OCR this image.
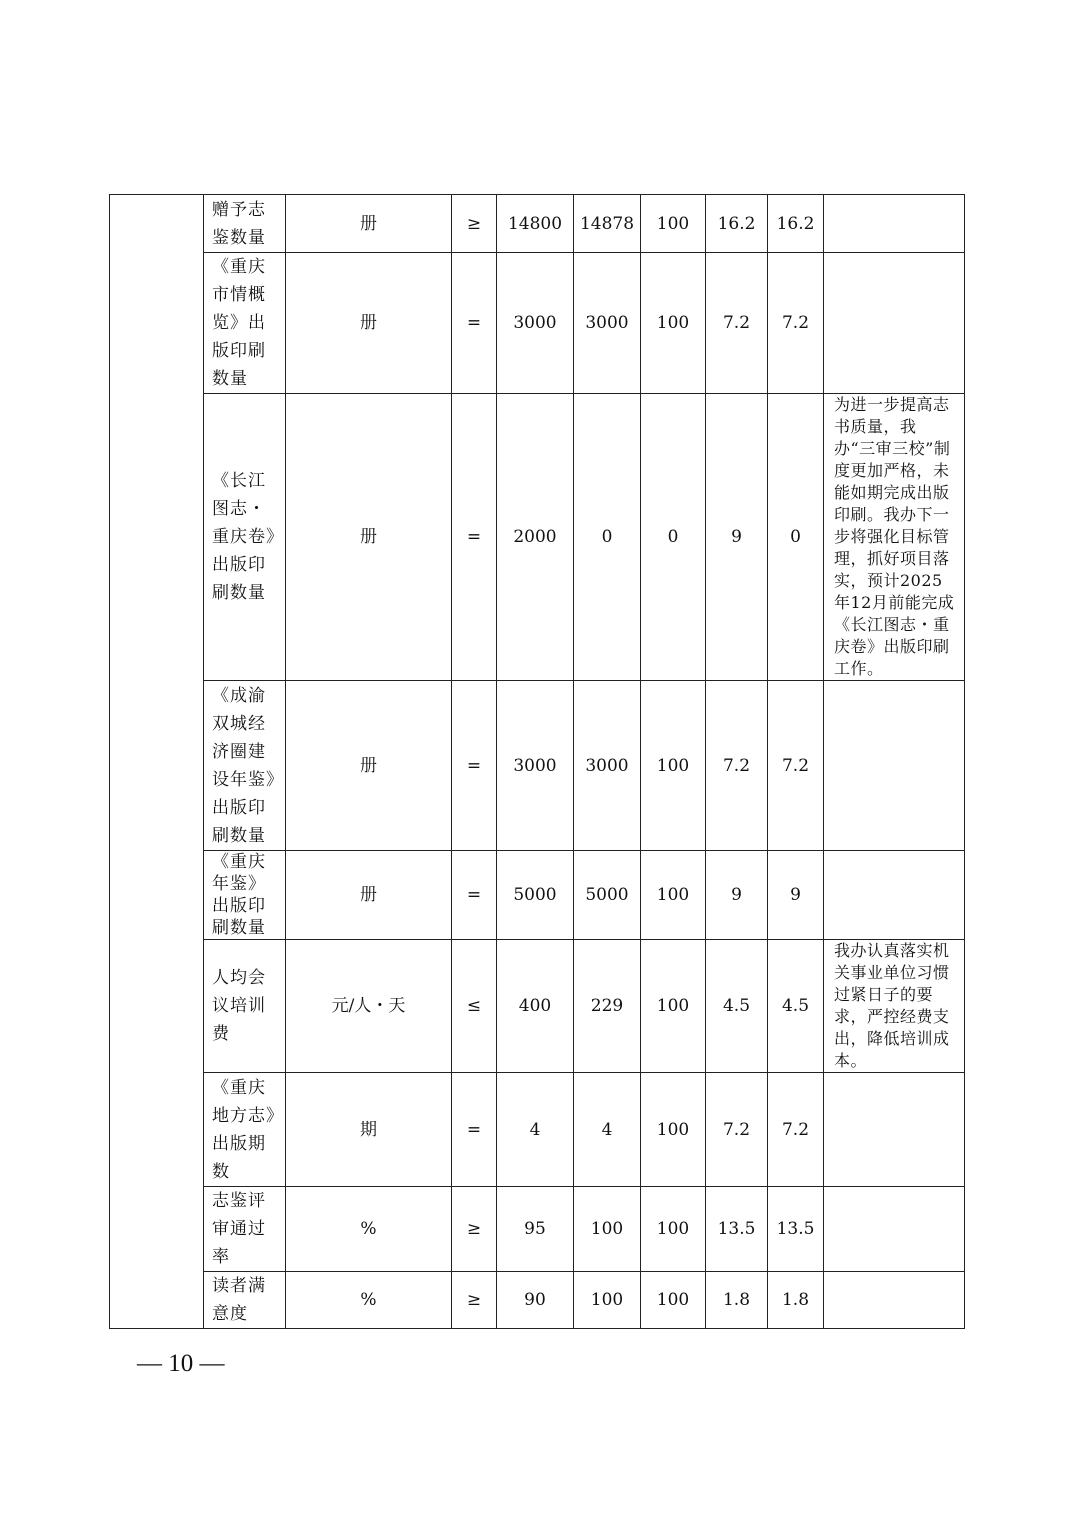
	赠予志鉴数量	册	≥	14800	14878	100	16.2	16.2	
	《重庆市情概览》出版印刷数量	册	=	3000	3000	100	7.2	7.2	
	《长江图志・重庆卷》出版印刷数量	册	=	2000	0	0	9	0	为进一步提高志书质量，我办“三审三校”制度更加严格，未能如期完成出版印刷。我办下一步将强化目标管理，抓好项目落实，预计2025年12月前能完成《长江图志・重庆卷》出版印刷工作。
	《成渝双城经济圈建设年鉴》出版印刷数量	册	=	3000	3000	100	7.2	7.2	
	《重庆年鉴》出版印刷数量	册	=	5000	5000	100	9	9	
	人均会议培训费	元/人・天	≤	400	229	100	4.5	4.5	我办认真落实机关事业单位习惯过紧日子的要求，严控经费支出，降低培训成本。
	《重庆地方志》出版期数	期	=	4	4	100	7.2	7.2	
	志鉴评审通过率	%	≥	95	100	100	13.5	13.5	
	读者满意度	%	≥	90	100	100	1.8	1.8	
— 10 —
